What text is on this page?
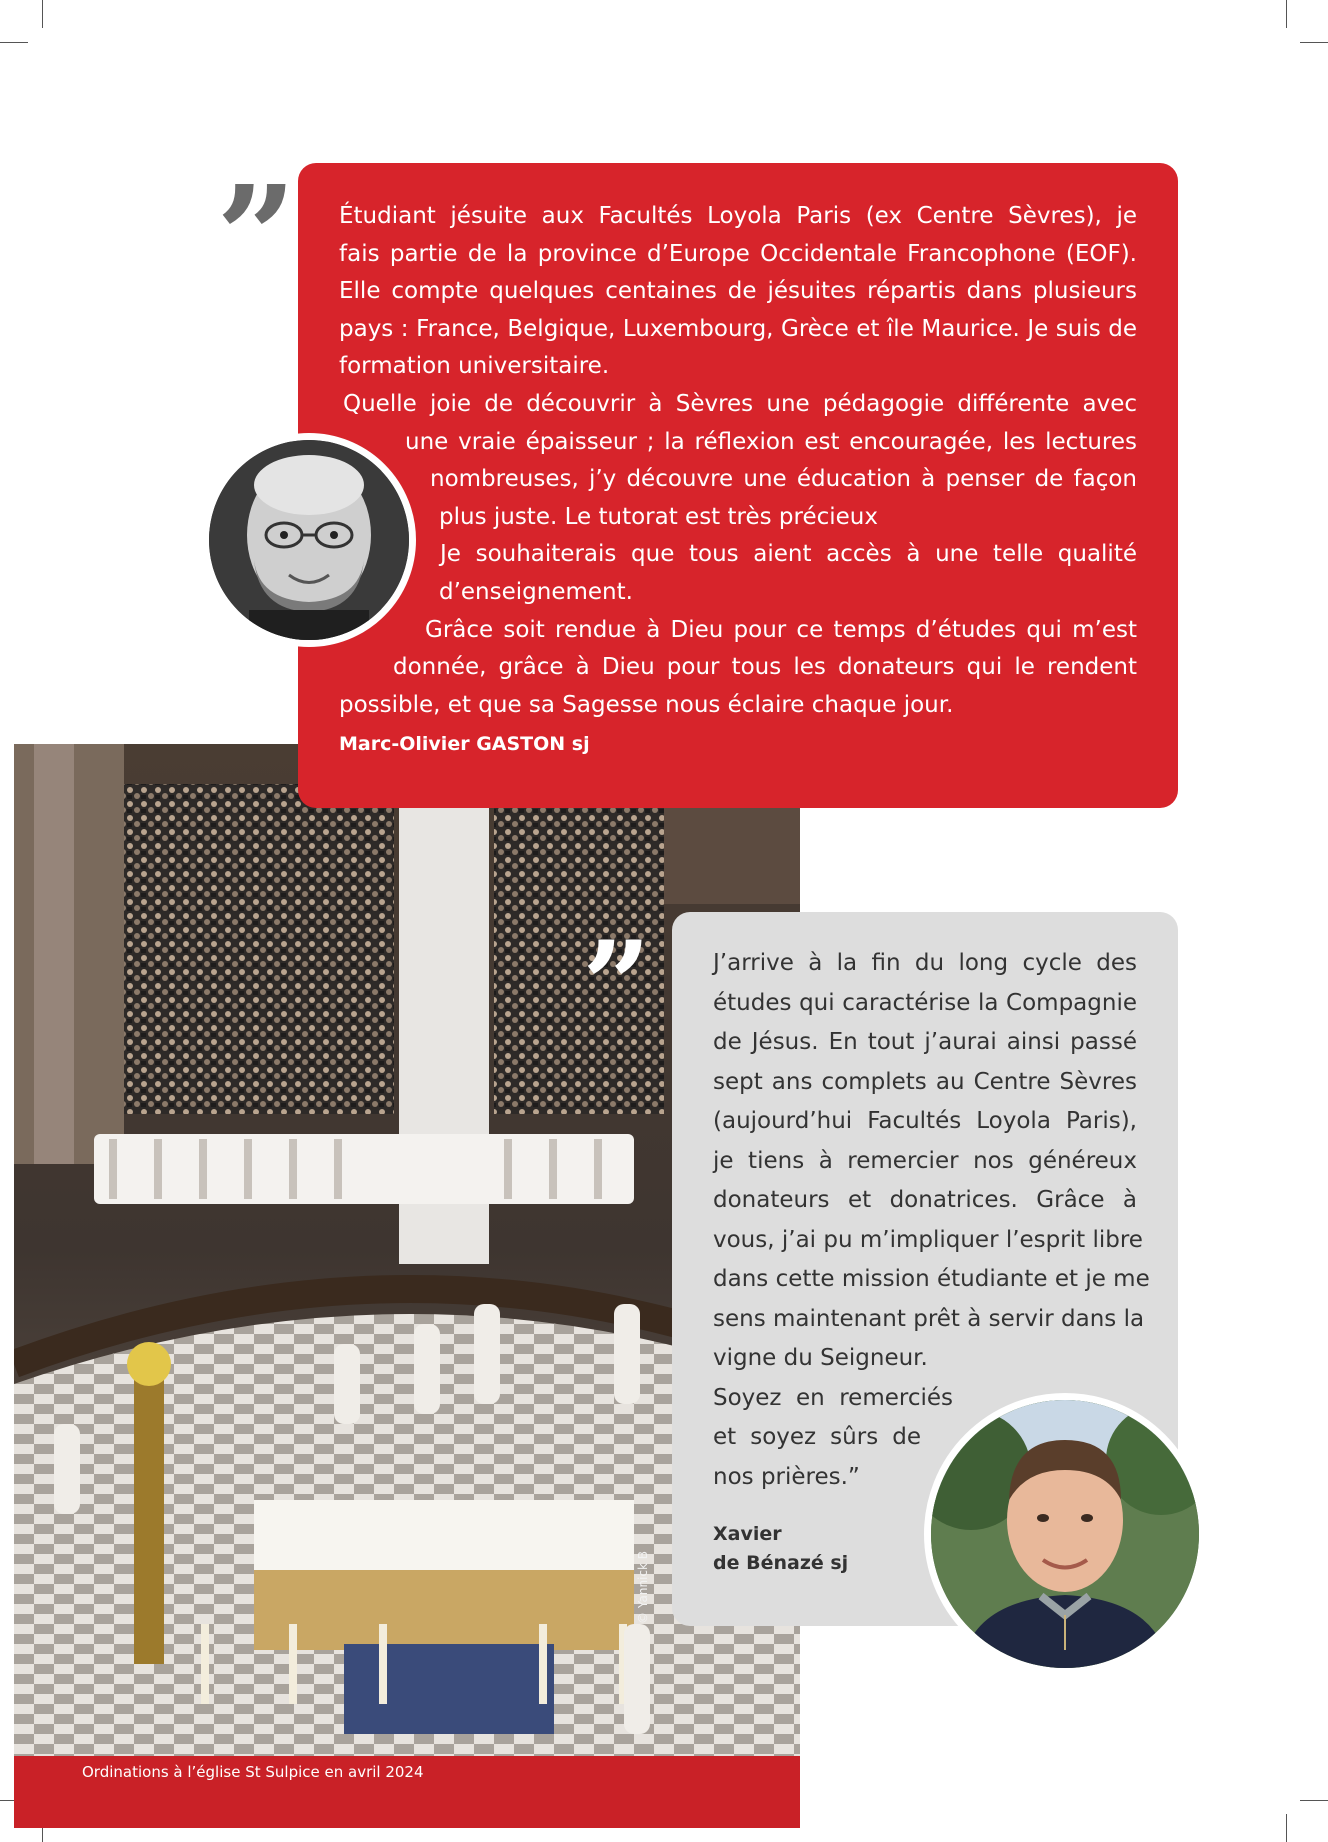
© Yannick B
Ordinations à l’église St Sulpice en avril 2024
” Étudiant jésuite aux Facultés Loyola Paris (ex Centre Sèvres), je
fais partie de la province d’Europe Occidentale Francophone (EOF).
Elle compte quelques centaines de jésuites répartis dans plusieurs
pays : France, Belgique, Luxembourg, Grèce et île Maurice. Je suis de
formation universitaire.
Quelle joie de découvrir à Sèvres une pédagogie différente avec
une vraie épaisseur ; la réflexion est encouragée, les lectures
nombreuses, j’y découvre une éducation à penser de façon
plus juste. Le tutorat est très précieux
Je souhaiterais que tous aient accès à une telle qualité
d’enseignement.
Grâce soit rendue à Dieu pour ce temps d’études qui m’est
donnée, grâce à Dieu pour tous les donateurs qui le rendent
possible, et que sa Sagesse nous éclaire chaque jour.
Marc-Olivier GASTON sj
”	J’arrive à la fin du long cycle des
études qui caractérise la Compagnie
de Jésus. En tout j’aurai ainsi passé
sept ans complets au Centre Sèvres
(aujourd’hui Facultés Loyola Paris),
je tiens à remercier nos généreux
donateurs et donatrices. Grâce à
vous, j’ai pu m’impliquer l’esprit libre
dans cette mission étudiante et je me
sens maintenant prêt à servir dans la
vigne du Seigneur.
Soyez en remerciés
et soyez sûrs de
nos prières.”
Xavier
de Bénazé sj
